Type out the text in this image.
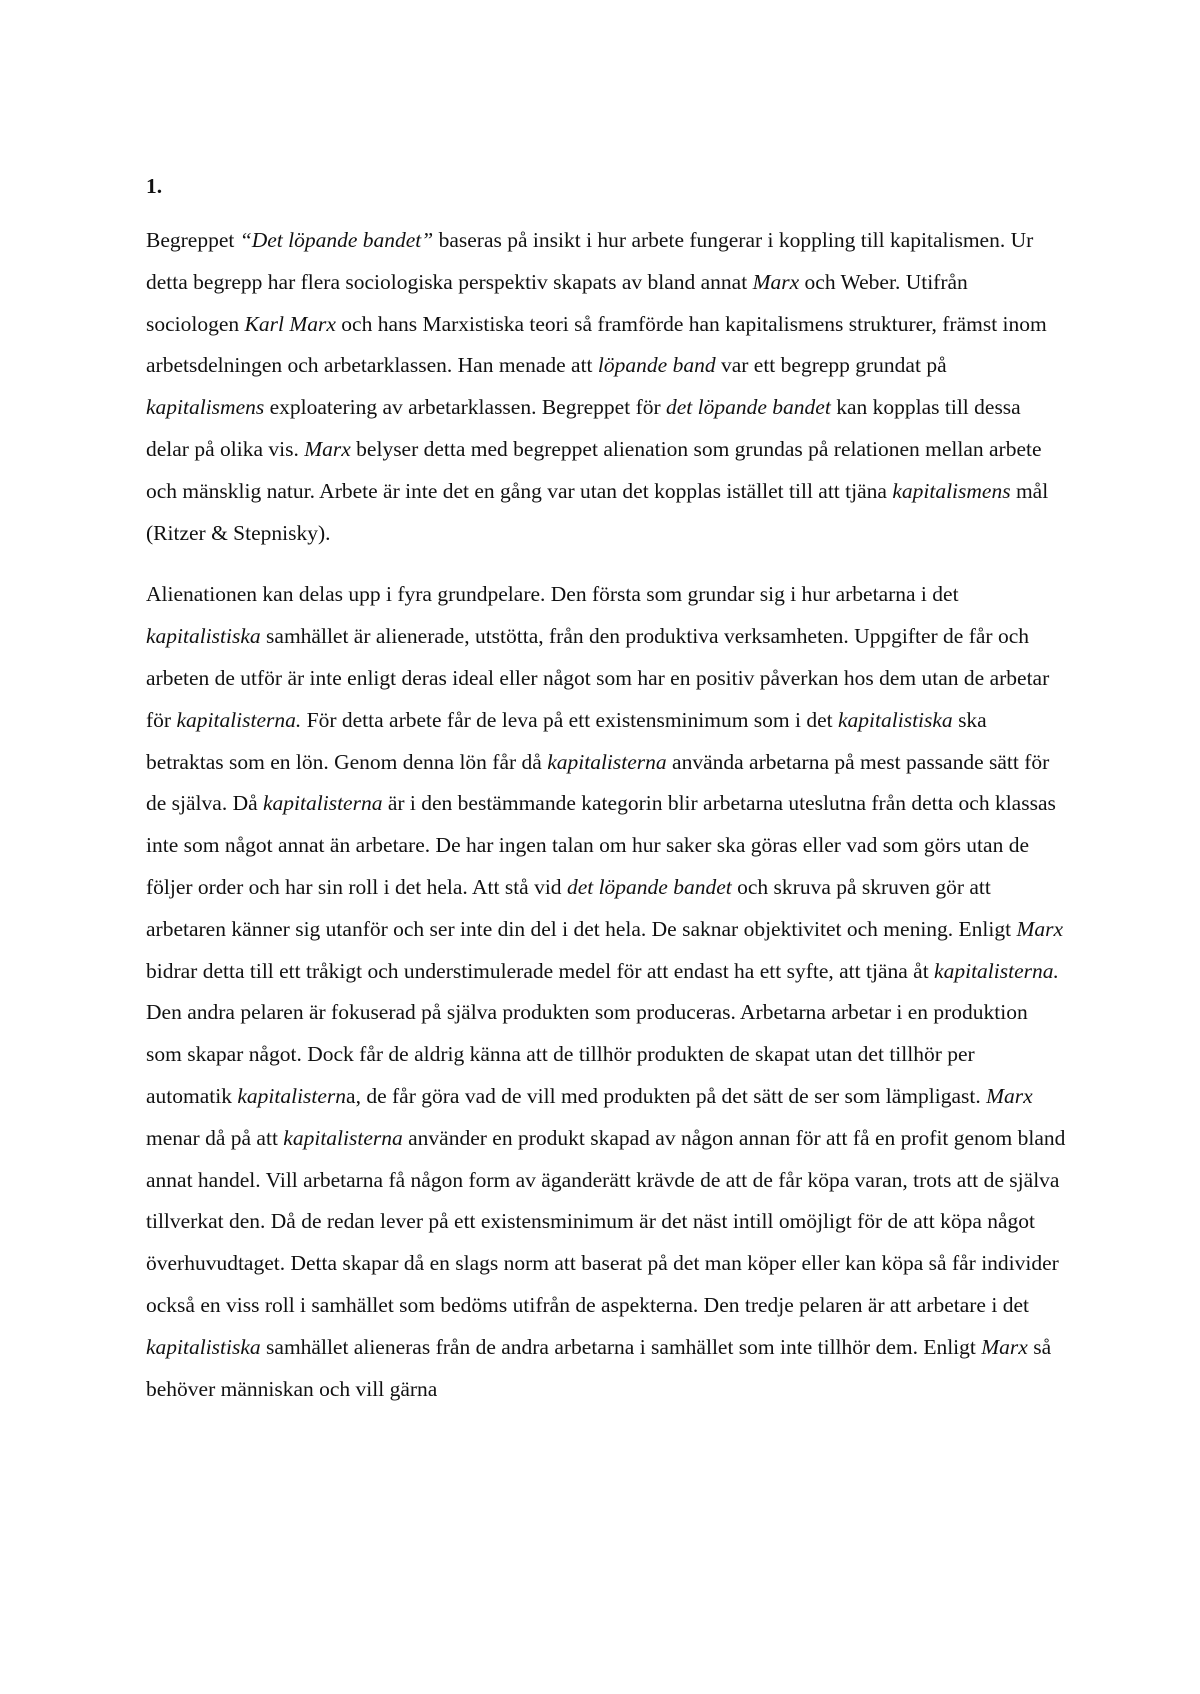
1.

Begreppet “Det löpande bandet” baseras på insikt i hur arbete fungerar i koppling till kapitalismen. Ur detta begrepp har flera sociologiska perspektiv skapats av bland annat Marx och Weber. Utifrån sociologen Karl Marx och hans Marxistiska teori så framförde han kapitalismens strukturer, främst inom arbetsdelningen och arbetarklassen. Han menade att löpande band var ett begrepp grundat på kapitalismens exploatering av arbetarklassen. Begreppet för det löpande bandet kan kopplas till dessa delar på olika vis. Marx belyser detta med begreppet alienation som grundas på relationen mellan arbete och mänsklig natur. Arbete är inte det en gång var utan det kopplas istället till att tjäna kapitalismens mål (Ritzer & Stepnisky).

Alienationen kan delas upp i fyra grundpelare. Den första som grundar sig i hur arbetarna i det kapitalistiska samhället är alienerade, utstötta, från den produktiva verksamheten. Uppgifter de får och arbeten de utför är inte enligt deras ideal eller något som har en positiv påverkan hos dem utan de arbetar för kapitalisterna. För detta arbete får de leva på ett existensminimum som i det kapitalistiska ska betraktas som en lön. Genom denna lön får då kapitalisterna använda arbetarna på mest passande sätt för de själva. Då kapitalisterna är i den bestämmande kategorin blir arbetarna uteslutna från detta och klassas inte som något annat än arbetare. De har ingen talan om hur saker ska göras eller vad som görs utan de följer order och har sin roll i det hela. Att stå vid det löpande bandet och skruva på skruven gör att arbetaren känner sig utanför och ser inte din del i det hela. De saknar objektivitet och mening. Enligt Marx bidrar detta till ett tråkigt och understimulerade medel för att endast ha ett syfte, att tjäna åt kapitalisterna. Den andra pelaren är fokuserad på själva produkten som produceras. Arbetarna arbetar i en produktion som skapar något. Dock får de aldrig känna att de tillhör produkten de skapat utan det tillhör per automatik kapitalisterna, de får göra vad de vill med produkten på det sätt de ser som lämpligast. Marx menar då på att kapitalisterna använder en produkt skapad av någon annan för att få en profit genom bland annat handel. Vill arbetarna få någon form av äganderätt krävde de att de får köpa varan, trots att de själva tillverkat den. Då de redan lever på ett existensminimum är det näst intill omöjligt för de att köpa något överhuvudtaget. Detta skapar då en slags norm att baserat på det man köper eller kan köpa så får individer också en viss roll i samhället som bedöms utifrån de aspekterna. Den tredje pelaren är att arbetare i det kapitalistiska samhället alieneras från de andra arbetarna i samhället som inte tillhör dem. Enligt Marx så behöver människan och vill gärna
